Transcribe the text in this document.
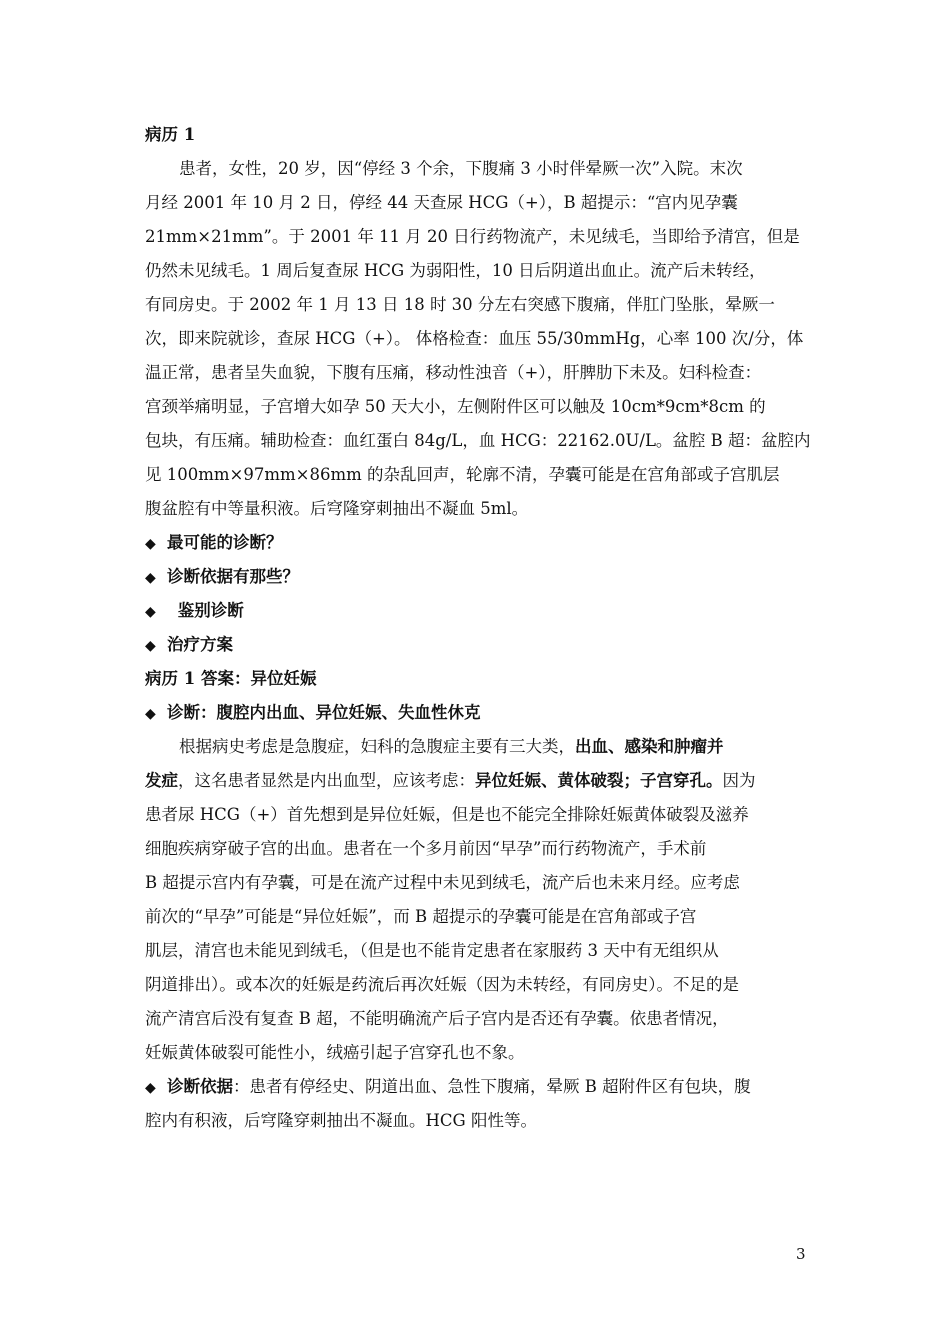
病历 1
患者，女性，20 岁，因“停经 3 个余，下腹痛 3 小时伴晕厥一次”入院。末次
月经 2001 年 10 月 2 日，停经 44 天查尿 HCG（+），B 超提示：“宫内见孕囊
21mm×21mm”。于 2001 年 11 月 20 日行药物流产，未见绒毛，当即给予清宫，但是
仍然未见绒毛。1 周后复查尿 HCG 为弱阳性，10 日后阴道出血止。流产后未转经，
有同房史。于 2002 年 1 月 13 日 18 时 30 分左右突感下腹痛，伴肛门坠胀，晕厥一
次，即来院就诊，查尿 HCG（+）。 体格检查：血压 55/30mmHg，心率 100 次/分，体
温正常，患者呈失血貌，下腹有压痛，移动性浊音（+），肝脾肋下未及。妇科检查：
宫颈举痛明显，子宫增大如孕 50 天大小，左侧附件区可以触及 10cm*9cm*8cm 的
包块，有压痛。辅助检查：血红蛋白 84g/L，血 HCG：22162.0U/L。盆腔 B 超：盆腔内
见 100mm×97mm×86mm 的杂乱回声，轮廓不清，孕囊可能是在宫角部或子宫肌层
腹盆腔有中等量积液。后穹隆穿刺抽出不凝血 5ml。
◆ 最可能的诊断？
◆ 诊断依据有那些？
◆ 鉴别诊断
◆ 治疗方案
病历 1 答案：异位妊娠
◆ 诊断：腹腔内出血、异位妊娠、失血性休克
根据病史考虑是急腹症，妇科的急腹症主要有三大类，出血、感染和肿瘤并
发症，这名患者显然是内出血型，应该考虑：异位妊娠、黄体破裂；子宫穿孔。因为
患者尿 HCG（+）首先想到是异位妊娠，但是也不能完全排除妊娠黄体破裂及滋养
细胞疾病穿破子宫的出血。患者在一个多月前因“早孕”而行药物流产，手术前
B 超提示宫内有孕囊，可是在流产过程中未见到绒毛，流产后也未来月经。应考虑
前次的“早孕”可能是“异位妊娠”，而 B 超提示的孕囊可能是在宫角部或子宫
肌层，清宫也未能见到绒毛，（但是也不能肯定患者在家服药 3 天中有无组织从
阴道排出）。或本次的妊娠是药流后再次妊娠（因为未转经，有同房史）。不足的是
流产清宫后没有复查 B 超，不能明确流产后子宫内是否还有孕囊。依患者情况，
妊娠黄体破裂可能性小，绒癌引起子宫穿孔也不象。
◆ 诊断依据：患者有停经史、阴道出血、急性下腹痛，晕厥 B 超附件区有包块，腹
腔内有积液，后穹隆穿刺抽出不凝血。HCG 阳性等。
3
